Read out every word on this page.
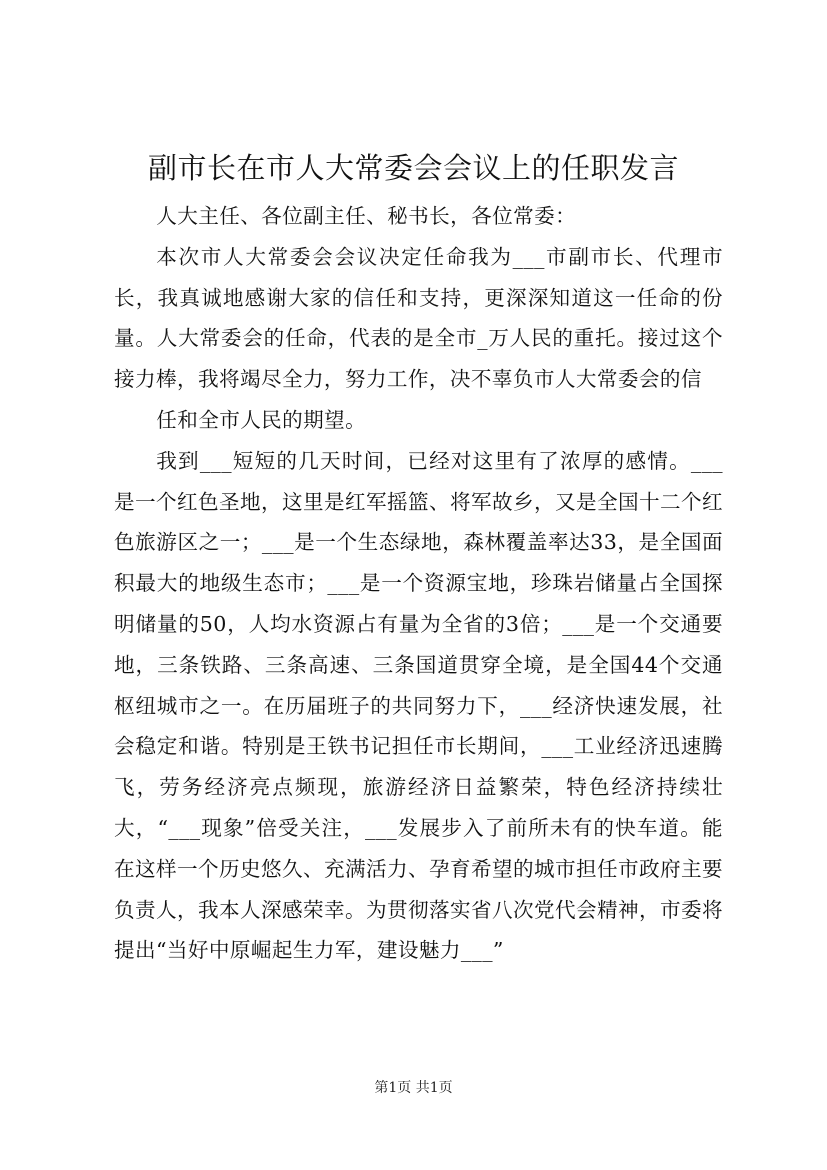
副市长在市人大常委会会议上的任职发言

人大主任、各位副主任、秘书长，各位常委：

本次市人大常委会会议决定任命我为___市副市长、代理市长，我真诚地感谢大家的信任和支持，更深深知道这一任命的份量。人大常委会的任命，代表的是全市_万人民的重托。接过这个接力棒，我将竭尽全力，努力工作，决不辜负市人大常委会的信

任和全市人民的期望。

我到___短短的几天时间，已经对这里有了浓厚的感情。___是一个红色圣地，这里是红军摇篮、将军故乡，又是全国十二个红色旅游区之一；___是一个生态绿地，森林覆盖率达33，是全国面积最大的地级生态市；___是一个资源宝地，珍珠岩储量占全国探明储量的50，人均水资源占有量为全省的3倍；___是一个交通要地，三条铁路、三条高速、三条国道贯穿全境，是全国44个交通枢纽城市之一。在历届班子的共同努力下，___经济快速发展，社会稳定和谐。特别是王铁书记担任市长期间，___工业经济迅速腾飞，劳务经济亮点频现，旅游经济日益繁荣，特色经济持续壮大，“___现象”倍受关注，___发展步入了前所未有的快车道。能在这样一个历史悠久、充满活力、孕育希望的城市担任市政府主要负责人，我本人深感荣幸。为贯彻落实省八次党代会精神，市委将提出“当好中原崛起生力军，建设魅力___”

第1页 共1页
